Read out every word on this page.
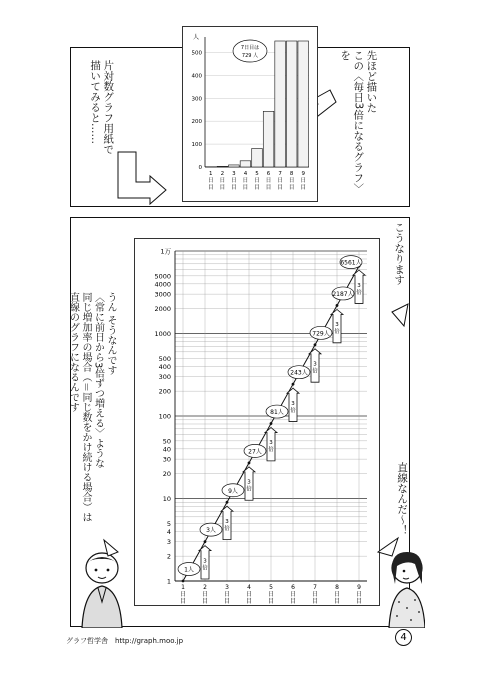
片対数グラフ用紙で
描いてみると……	先ほど描いた
この〈毎日3倍になるグラフ〉を
人
0
100
200
300
400
500
1
日
目
2
日
目
3
日
目
4
日
目
5
日
目
6
日
目
7
日
目
8
日
目
9
日
目
7日目は
729 人
こうなります
うん そうなんです
〈常に前日から3倍ずつ増える〉ような
同じ増加率の場合（＝同じ数をかけ続ける場合）は
直線のグラフになるんです
直線なんだ〜！
1
2
3
4
5
10
20
30
40
50
100
200
300
400
500
1000
2000
3000
4000
5000
1万
1
日
目
2
日
目
3
日
目
4
日
目
5
日
目
6
日
目
7
日
目
8
日
目
9
日
目
1人
3人
9人
27人
81人
243人
729人
2187人
6561人
3
倍
3
倍
3
倍
3
倍
3
倍
3
倍
3
倍
3
倍
グラフ哲学舎　http://graph.moo.jp	4
